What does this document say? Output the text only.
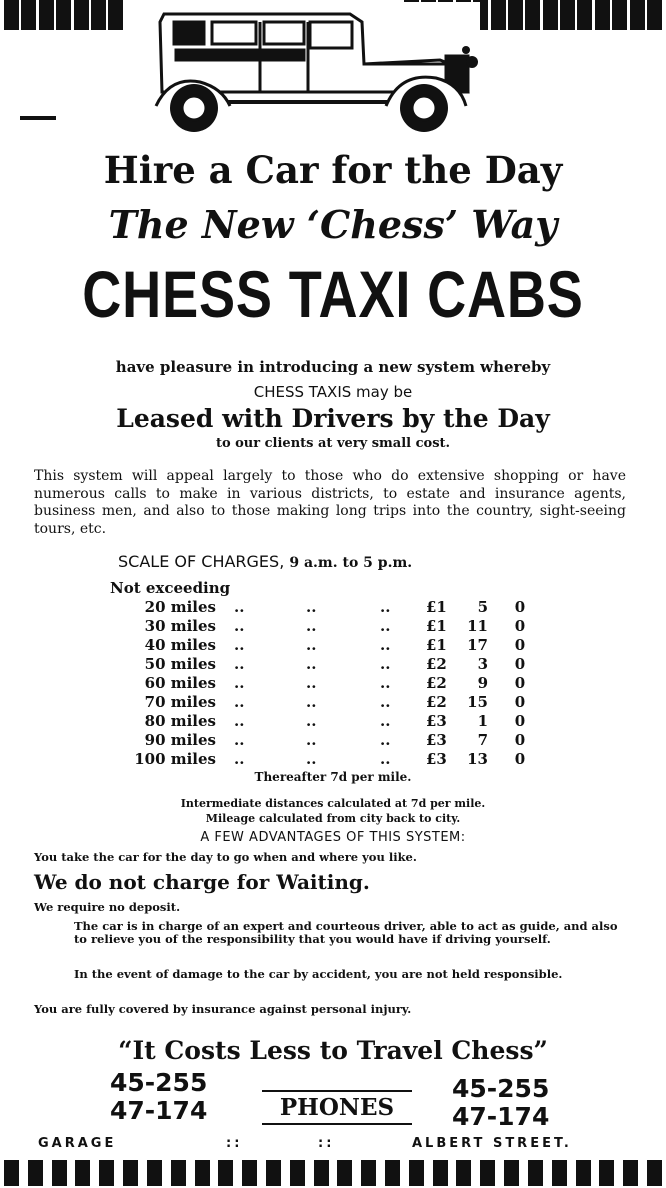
Hire a Car for the Day
The New ‘Chess’ Way
CHESS TAXI CABS
have pleasure in introducing a new system whereby
CHESS TAXIS may be
Leased with Drivers by the Day
to our clients at very small cost.
This system will appeal largely to those who do extensive shopping or have numerous calls to make in various districts, to estate and insurance agents, business men, and also to those making long trips into the country, sight-seeing tours, etc.
SCALE OF CHARGES, 9 a.m. to 5 p.m.
Not exceeding
20 miles ..	..	.. £1	5 0
30 miles ..	..	.. £1	11 0
40 miles ..	..	.. £1	17 0
50 miles ..	..	.. £2	3 0
60 miles ..	..	.. £2	9 0
70 miles ..	..	.. £2	15 0
80 miles ..	..	.. £3	1 0
90 miles ..	..	.. £3	7 0
100 miles ..	..	.. £3	13 0
Thereafter 7d per mile.
Intermediate distances calculated at 7d per mile.
Mileage calculated from city back to city.
A FEW ADVANTAGES OF THIS SYSTEM:
You take the car for the day to go when and where you like.
We do not charge for Waiting.
We require no deposit.
The car is in charge of an expert and courteous driver, able to act as guide, and also to relieve you of the responsibility that you would have if driving yourself.
In the event of damage to the car by accident, you are not held responsible.
You are fully covered by insurance against personal injury.
“It Costs Less to Travel Chess”
45-255
47-174	PHONES
45-255
47-174
GARAGE	::	::	ALBERT STREET.
